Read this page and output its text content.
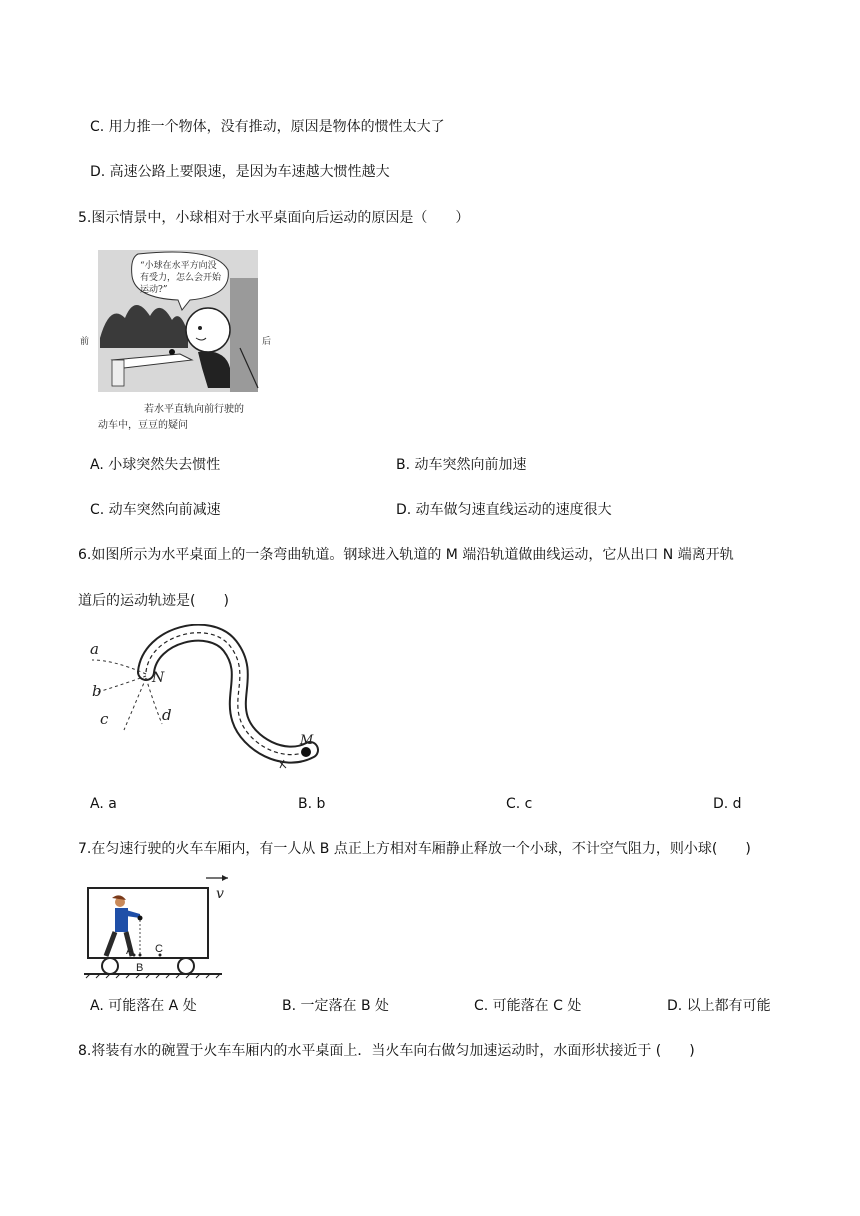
C. 用力推一个物体，没有推动，原因是物体的惯性太大了
D. 高速公路上要限速，是因为车速越大惯性越大
5.图示情景中，小球相对于水平桌面向后运动的原因是（　　）
“小球在水平方向没
有受力，怎么会开始
运动?”
前	后
若水平直轨向前行驶的
动车中，豆豆的疑问
A. 小球突然失去惯性	B. 动车突然向前加速
C. 动车突然向前减速	D. 动车做匀速直线运动的速度很大
6.如图所示为水平桌面上的一条弯曲轨道。钢球进入轨道的 M 端沿轨道做曲线运动，它从出口 N 端离开轨
道后的运动轨迹是(　　)
a
b
c	d
N
M
A. a	B. b	C. c	D. d
7.在匀速行驶的火车车厢内，有一人从 B 点正上方相对车厢静止释放一个小球，不计空气阻力，则小球(　　)
v
A
B
C
A. 可能落在 A 处	B. 一定落在 B 处	C. 可能落在 C 处	D. 以上都有可能
8.将装有水的碗置于火车车厢内的水平桌面上．当火车向右做匀加速运动时，水面形状接近于 (　　)
